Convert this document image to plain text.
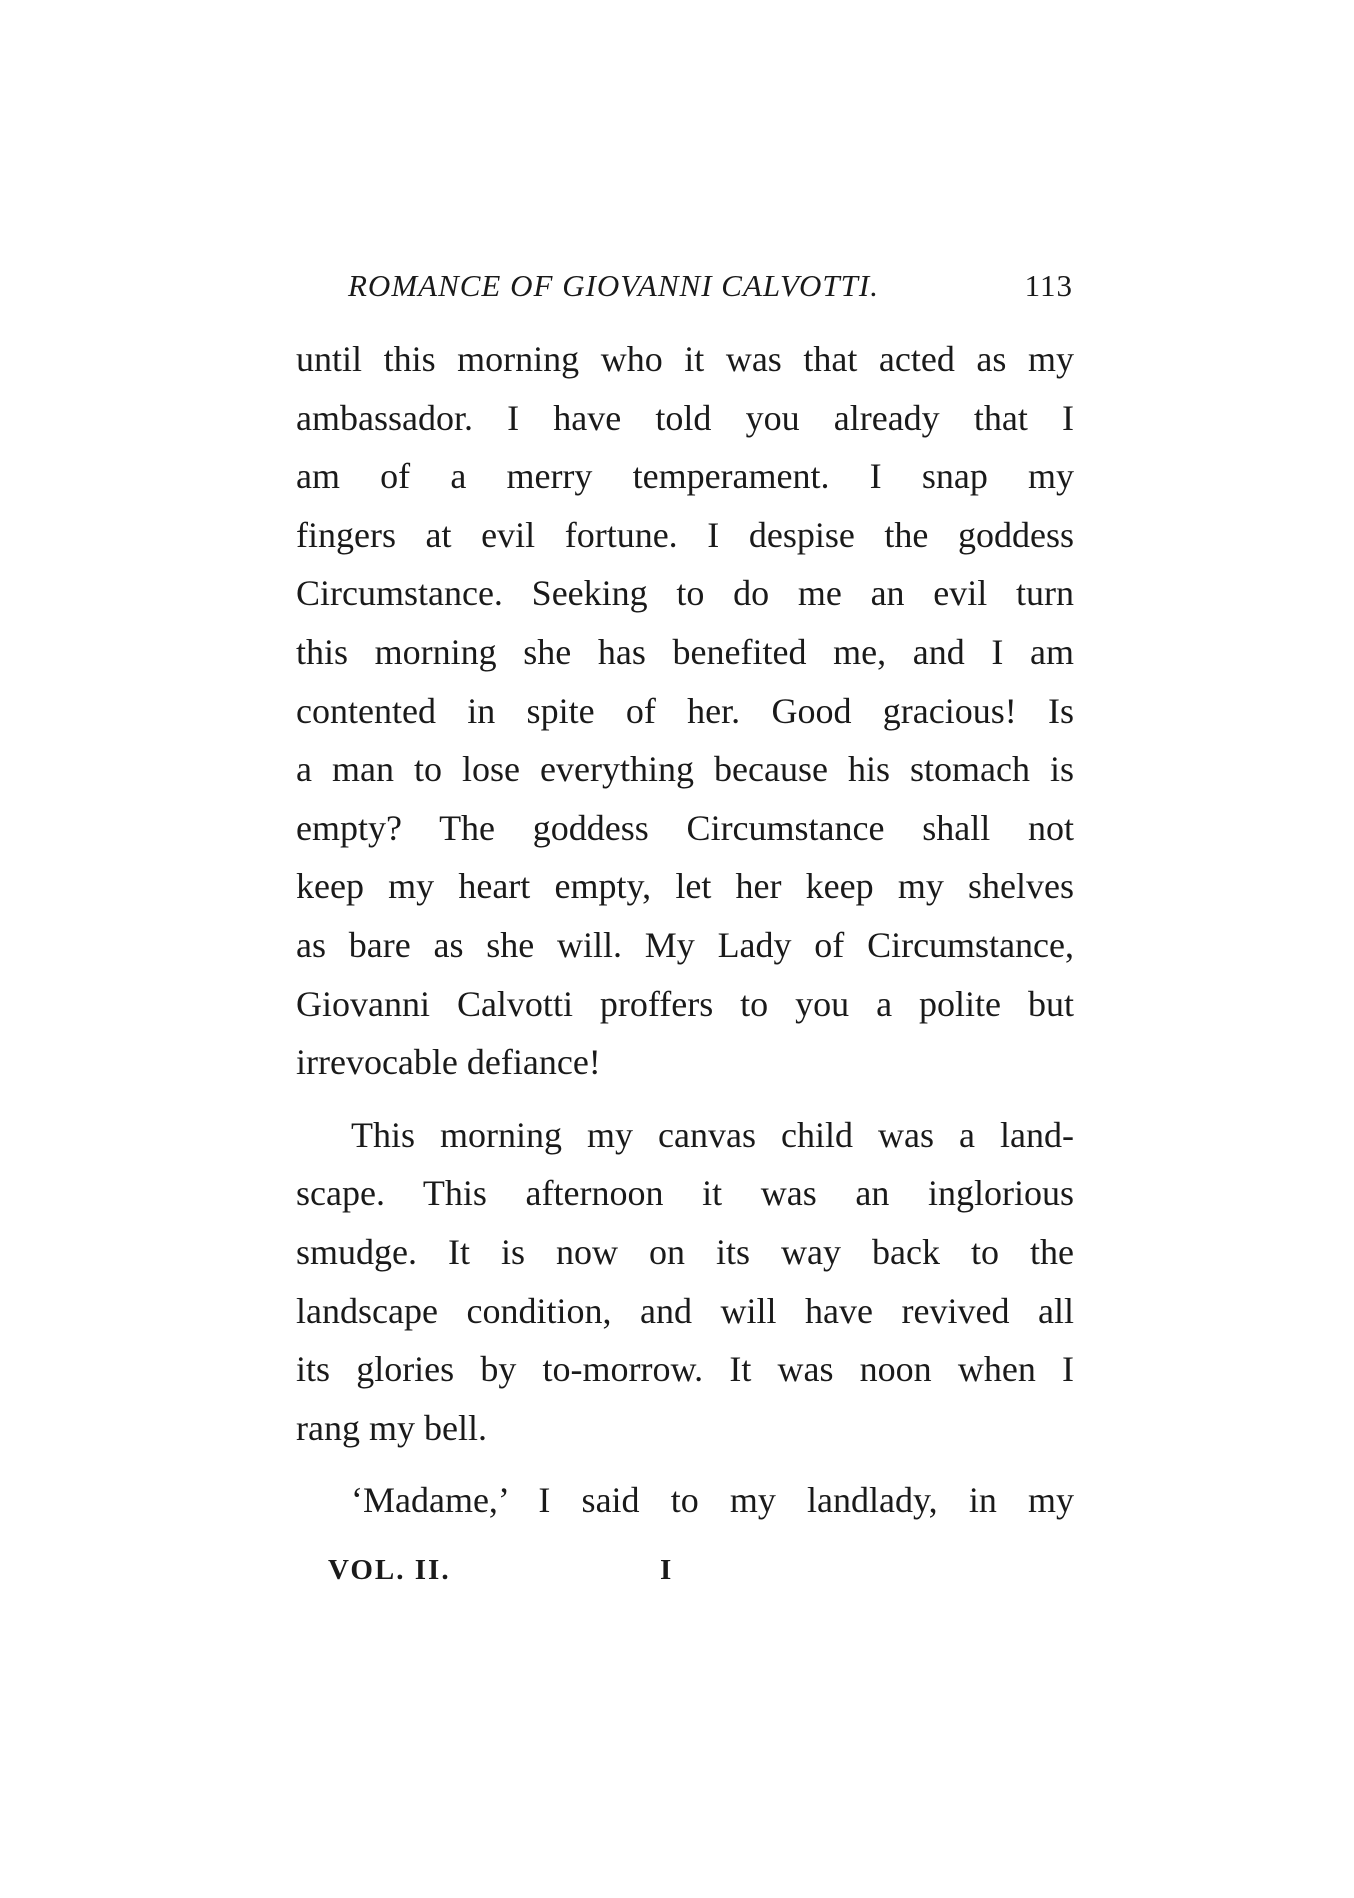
ROMANCE OF GIOVANNI CALVOTTI.	113
until this morning who it was that acted as my
ambassador. I have told you already that I
am of a merry temperament. I snap my
fingers at evil fortune. I despise the goddess
Circumstance. Seeking to do me an evil turn
this morning she has benefited me, and I am
contented in spite of her. Good gracious! Is
a man to lose everything because his stomach is
empty? The goddess Circumstance shall not
keep my heart empty, let her keep my shelves
as bare as she will. My Lady of Circumstance,
Giovanni Calvotti proffers to you a polite but
irrevocable defiance!
This morning my canvas child was a land-
scape. This afternoon it was an inglorious
smudge. It is now on its way back to the
landscape condition, and will have revived all
its glories by to-morrow. It was noon when I
rang my bell.
‘Madame,’ I said to my landlady, in my
VOL. II.	I
